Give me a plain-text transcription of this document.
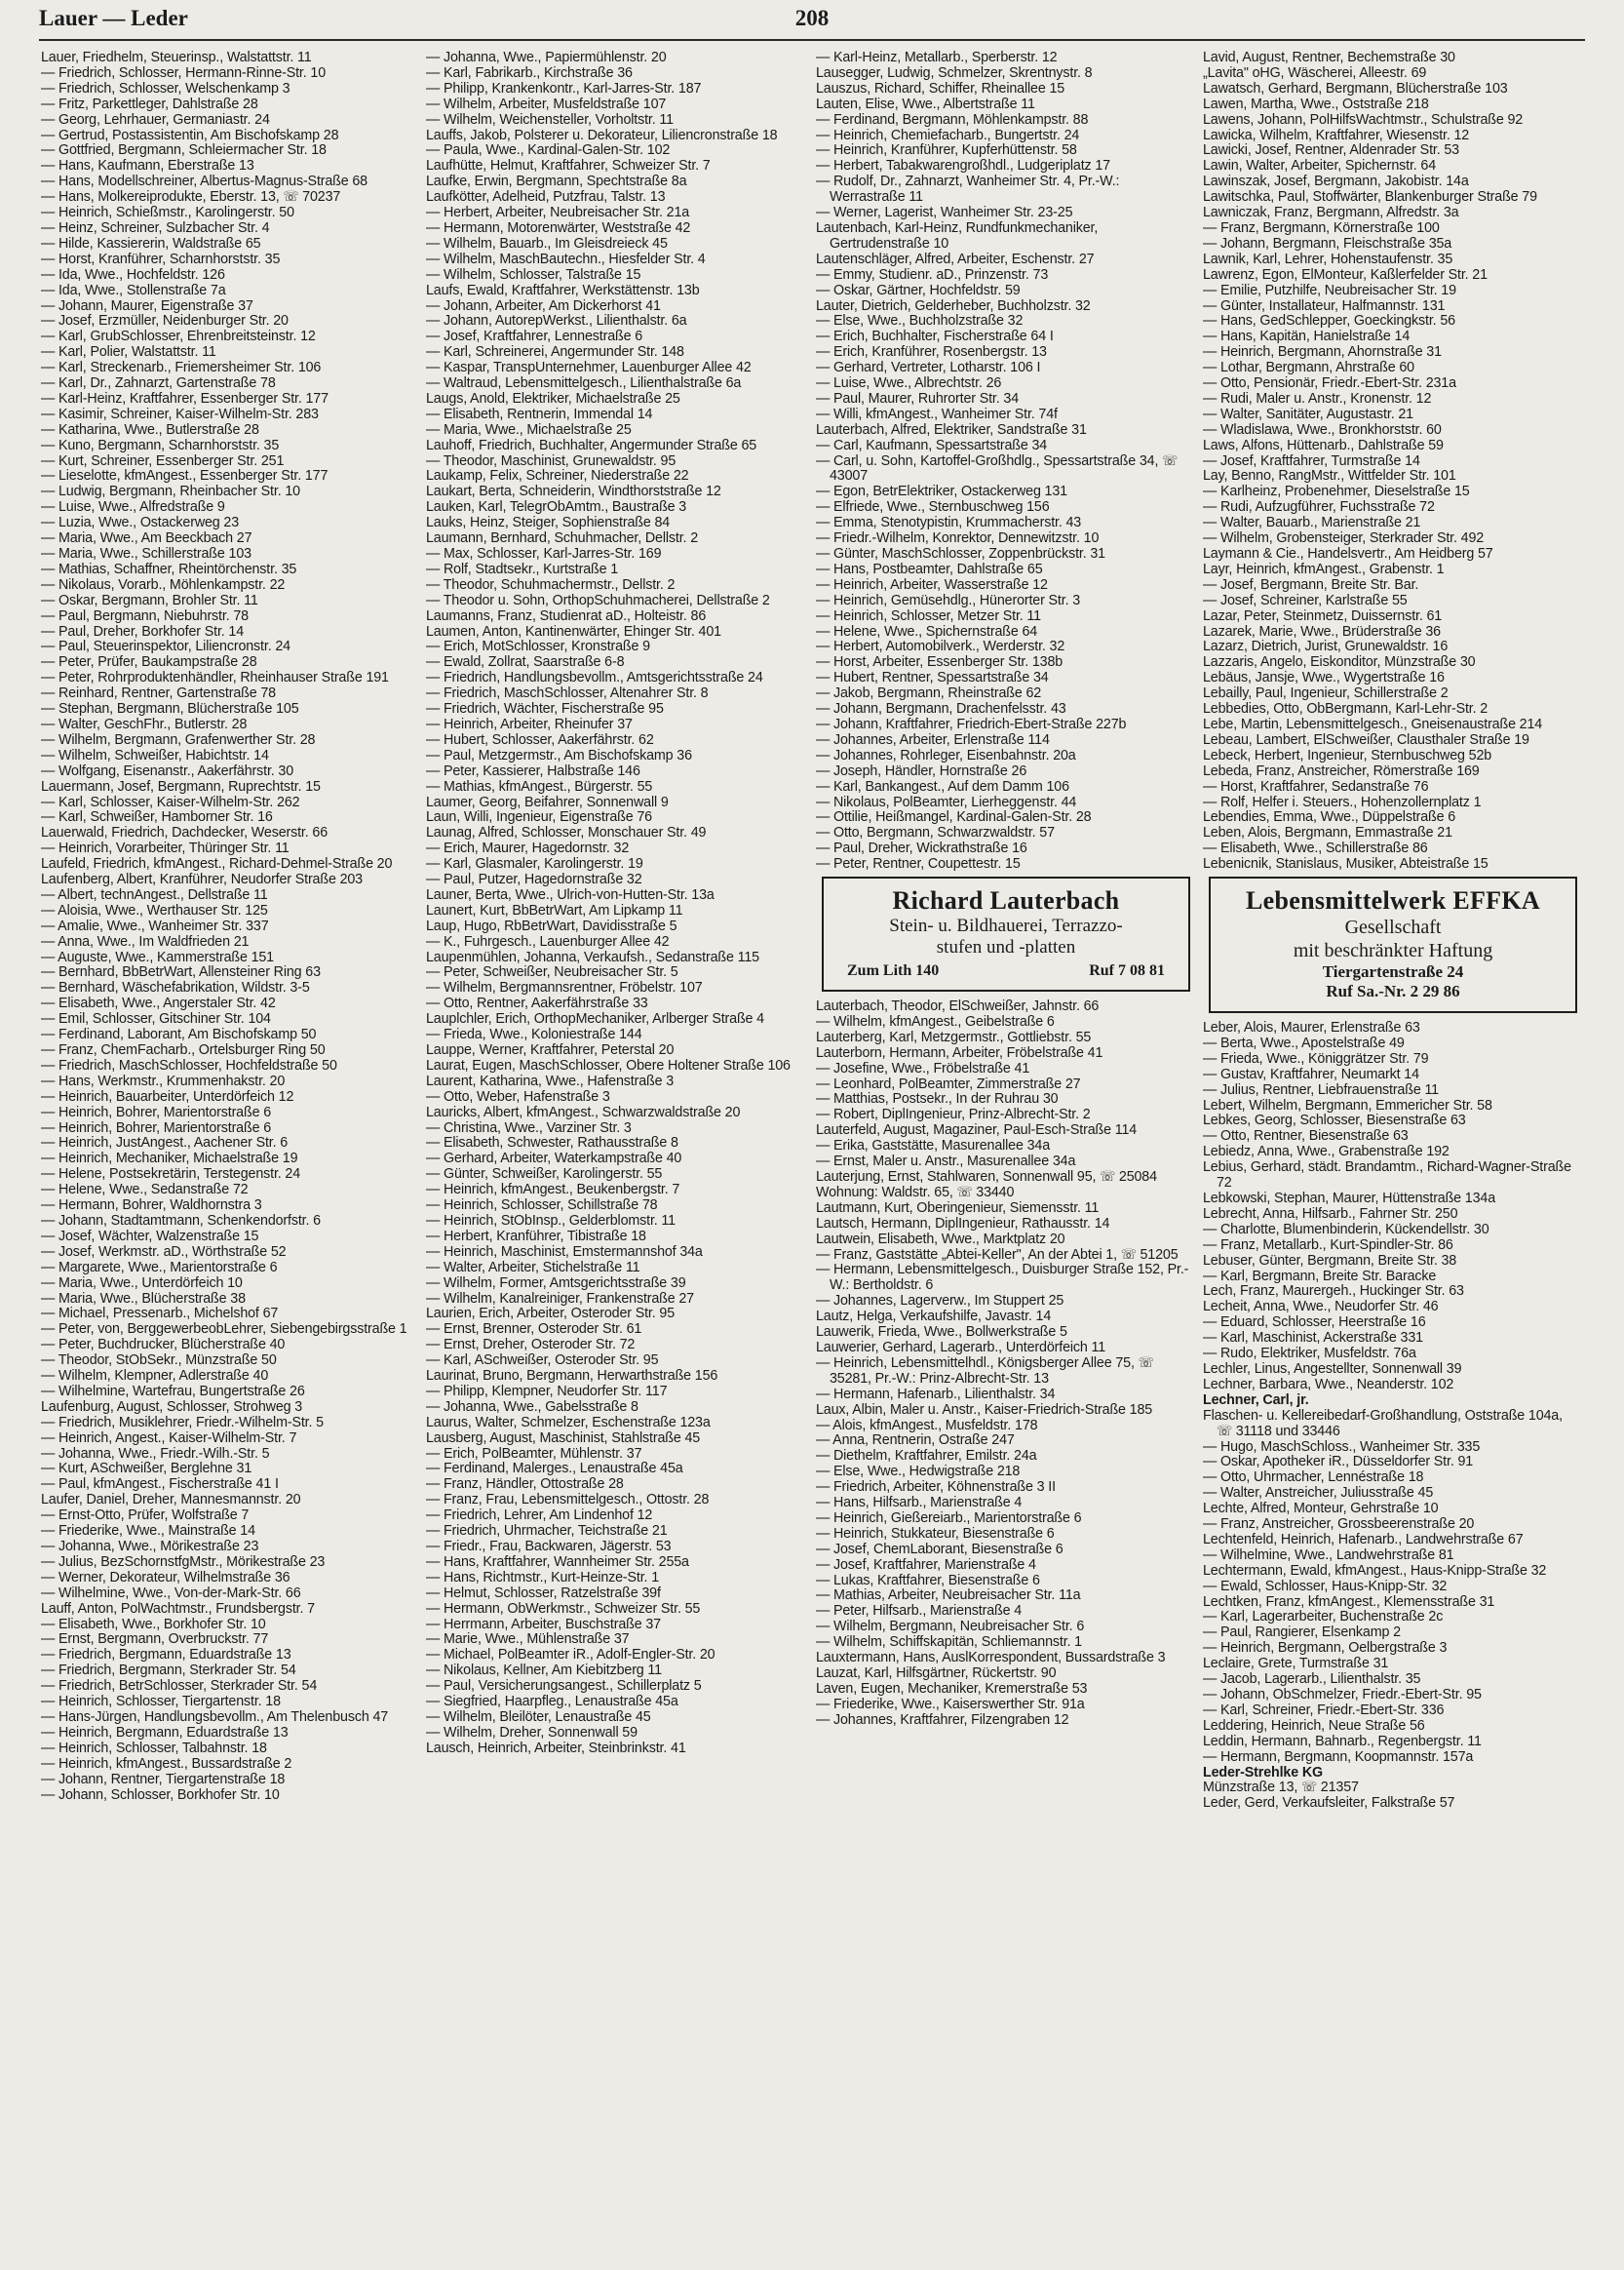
Lauer — Leder	208
Lauer, Friedhelm, Steuerinsp., Walstattstr. 11
— Friedrich, Schlosser, Hermann-Rinne-Str. 10
— Friedrich, Schlosser, Welschenkamp 3
— Fritz, Parkettleger, Dahlstraße 28
— Georg, Lehrhauer, Germaniastr. 24
— Gertrud, Postassistentin, Am Bischofskamp 28
— Gottfried, Bergmann, Schleiermacher Str. 18
— Hans, Kaufmann, Eberstraße 13
— Hans, Modellschreiner, Albertus-Magnus-Straße 68
— Hans, Molkereiprodukte, Eberstr. 13, ☏ 70237
— Heinrich, Schießmstr., Karolingerstr. 50
— Heinz, Schreiner, Sulzbacher Str. 4
— Hilde, Kassiererin, Waldstraße 65
— Horst, Kranführer, Scharnhorststr. 35
— Ida, Wwe., Hochfeldstr. 126
— Ida, Wwe., Stollenstraße 7a
— Johann, Maurer, Eigenstraße 37
— Josef, Erzmüller, Neidenburger Str. 20
— Karl, GrubSchlosser, Ehrenbreitsteinstr. 12
— Karl, Polier, Walstattstr. 11
— Karl, Streckenarb., Friemersheimer Str. 106
— Karl, Dr., Zahnarzt, Gartenstraße 78
— Karl-Heinz, Kraftfahrer, Essenberger Str. 177
— Kasimir, Schreiner, Kaiser-Wilhelm-Str. 283
— Katharina, Wwe., Butlerstraße 28
— Kuno, Bergmann, Scharnhorststr. 35
— Kurt, Schreiner, Essenberger Str. 251
— Lieselotte, kfmAngest., Essenberger Str. 177
— Ludwig, Bergmann, Rheinbacher Str. 10
— Luise, Wwe., Alfredstraße 9
— Luzia, Wwe., Ostackerweg 23
— Maria, Wwe., Am Beeckbach 27
— Maria, Wwe., Schillerstraße 103
— Mathias, Schaffner, Rheintörchenstr. 35
— Nikolaus, Vorarb., Möhlenkampstr. 22
— Oskar, Bergmann, Brohler Str. 11
— Paul, Bergmann, Niebuhrstr. 78
— Paul, Dreher, Borkhofer Str. 14
— Paul, Steuerinspektor, Liliencronstr. 24
— Peter, Prüfer, Baukampstraße 28
— Peter, Rohrproduktenhändler, Rheinhauser Straße 191
— Reinhard, Rentner, Gartenstraße 78
— Stephan, Bergmann, Blücherstraße 105
— Walter, GeschFhr., Butlerstr. 28
— Wilhelm, Bergmann, Grafenwerther Str. 28
— Wilhelm, Schweißer, Habichtstr. 14
— Wolfgang, Eisenanstr., Aakerfährstr. 30
Lauermann, Josef, Bergmann, Ruprechtstr. 15
— Karl, Schlosser, Kaiser-Wilhelm-Str. 262
— Karl, Schweißer, Hamborner Str. 16
Lauerwald, Friedrich, Dachdecker, Weserstr. 66
— Heinrich, Vorarbeiter, Thüringer Str. 11
Laufeld, Friedrich, kfmAngest., Richard-Dehmel-Straße 20
Laufenberg, Albert, Kranführer, Neudorfer Straße 203
— Albert, technAngest., Dellstraße 11
— Aloisia, Wwe., Werthauser Str. 125
— Amalie, Wwe., Wanheimer Str. 337
— Anna, Wwe., Im Waldfrieden 21
— Auguste, Wwe., Kammerstraße 151
— Bernhard, BbBetrWart, Allensteiner Ring 63
— Bernhard, Wäschefabrikation, Wildstr. 3-5
— Elisabeth, Wwe., Angerstaler Str. 42
— Emil, Schlosser, Gitschiner Str. 104
— Ferdinand, Laborant, Am Bischofskamp 50
— Franz, ChemFacharb., Ortelsburger Ring 50
— Friedrich, MaschSchlosser, Hochfeldstraße 50
— Hans, Werkmstr., Krummenhakstr. 20
— Heinrich, Bauarbeiter, Unterdörfeich 12
— Heinrich, Bohrer, Marientorstraße 6
— Heinrich, Bohrer, Marientorstraße 6
— Heinrich, JustAngest., Aachener Str. 6
— Heinrich, Mechaniker, Michaelstraße 19
— Helene, Postsekretärin, Terstegenstr. 24
— Helene, Wwe., Sedanstraße 72
— Hermann, Bohrer, Waldhornstra 3
— Johann, Stadtamtmann, Schenkendorfstr. 6
— Josef, Wächter, Walzenstraße 15
— Josef, Werkmstr. aD., Wörthstraße 52
— Margarete, Wwe., Marientorstraße 6
— Maria, Wwe., Unterdörfeich 10
— Maria, Wwe., Blücherstraße 38
— Michael, Pressenarb., Michelshof 67
— Peter, von, BerggewerbeobLehrer, Siebengebirgsstraße 1
— Peter, Buchdrucker, Blücherstraße 40
— Theodor, StObSekr., Münzstraße 50
— Wilhelm, Klempner, Adlerstraße 40
— Wilhelmine, Wartefrau, Bungertstraße 26
Laufenburg, August, Schlosser, Strohweg 3
— Friedrich, Musiklehrer, Friedr.-Wilhelm-Str. 5
— Heinrich, Angest., Kaiser-Wilhelm-Str. 7
— Johanna, Wwe., Friedr.-Wilh.-Str. 5
— Kurt, ASchweißer, Berglehne 31
— Paul, kfmAngest., Fischerstraße 41 I
Laufer, Daniel, Dreher, Mannesmannstr. 20
— Ernst-Otto, Prüfer, Wolfstraße 7
— Friederike, Wwe., Mainstraße 14
— Johanna, Wwe., Mörikestraße 23
— Julius, BezSchornstfgMstr., Mörikestraße 23
— Werner, Dekorateur, Wilhelmstraße 36
— Wilhelmine, Wwe., Von-der-Mark-Str. 66
Lauff, Anton, PolWachtmstr., Frundsbergstr. 7
— Elisabeth, Wwe., Borkhofer Str. 10
— Ernst, Bergmann, Overbruckstr. 77
— Friedrich, Bergmann, Eduardstraße 13
— Friedrich, Bergmann, Sterkrader Str. 54
— Friedrich, BetrSchlosser, Sterkrader Str. 54
— Heinrich, Schlosser, Tiergartenstr. 18
— Hans-Jürgen, Handlungsbevollm., Am Thelenbusch 47
— Heinrich, Bergmann, Eduardstraße 13
— Heinrich, Schlosser, Talbahnstr. 18
— Heinrich, kfmAngest., Bussardstraße 2
— Johann, Rentner, Tiergartenstraße 18
— Johann, Schlosser, Borkhofer Str. 10
— Johanna, Wwe., Papiermühlenstr. 20
— Karl, Fabrikarb., Kirchstraße 36
— Philipp, Krankenkontr., Karl-Jarres-Str. 187
— Wilhelm, Arbeiter, Musfeldstraße 107
— Wilhelm, Weichensteller, Vorholtstr. 11
Lauffs, Jakob, Polsterer u. Dekorateur, Liliencronstraße 18
— Paula, Wwe., Kardinal-Galen-Str. 102
Laufhütte, Helmut, Kraftfahrer, Schweizer Str. 7
Laufke, Erwin, Bergmann, Spechtstraße 8a
Laufkötter, Adelheid, Putzfrau, Talstr. 13
— Herbert, Arbeiter, Neubreisacher Str. 21a
— Hermann, Motorenwärter, Weststraße 42
— Wilhelm, Bauarb., Im Gleisdreieck 45
— Wilhelm, MaschBautechn., Hiesfelder Str. 4
— Wilhelm, Schlosser, Talstraße 15
Laufs, Ewald, Kraftfahrer, Werkstättenstr. 13b
— Johann, Arbeiter, Am Dickerhorst 41
— Johann, AutorepWerkst., Lilienthalstr. 6a
— Josef, Kraftfahrer, Lennestraße 6
— Karl, Schreinerei, Angermunder Str. 148
— Kaspar, TranspUnternehmer, Lauenburger Allee 42
— Waltraud, Lebensmittelgesch., Lilienthalstraße 6a
Laugs, Anold, Elektriker, Michaelstraße 25
— Elisabeth, Rentnerin, Immendal 14
— Maria, Wwe., Michaelstraße 25
Lauhoff, Friedrich, Buchhalter, Angermunder Straße 65
— Theodor, Maschinist, Grunewaldstr. 95
Laukamp, Felix, Schreiner, Niederstraße 22
Laukart, Berta, Schneiderin, Windthorststraße 12
Lauken, Karl, TelegrObAmtm., Baustraße 3
Lauks, Heinz, Steiger, Sophienstraße 84
Laumann, Bernhard, Schuhmacher, Dellstr. 2
— Max, Schlosser, Karl-Jarres-Str. 169
— Rolf, Stadtsekr., Kurtstraße 1
— Theodor, Schuhmachermstr., Dellstr. 2
— Theodor u. Sohn, OrthopSchuhmacherei, Dellstraße 2
Laumanns, Franz, Studienrat aD., Holteistr. 86
Laumen, Anton, Kantinenwärter, Ehinger Str. 401
— Erich, MotSchlosser, Kronstraße 9
— Ewald, Zollrat, Saarstraße 6-8
— Friedrich, Handlungsbevollm., Amtsgerichtsstraße 24
— Friedrich, MaschSchlosser, Altenahrer Str. 8
— Friedrich, Wächter, Fischerstraße 95
— Heinrich, Arbeiter, Rheinufer 37
— Hubert, Schlosser, Aakerfährstr. 62
— Paul, Metzgermstr., Am Bischofskamp 36
— Peter, Kassierer, Halbstraße 146
— Mathias, kfmAngest., Bürgerstr. 55
Laumer, Georg, Beifahrer, Sonnenwall 9
Laun, Willi, Ingenieur, Eigenstraße 76
Launag, Alfred, Schlosser, Monschauer Str. 49
— Erich, Maurer, Hagedornstr. 32
— Karl, Glasmaler, Karolingerstr. 19
— Paul, Putzer, Hagedornstraße 32
Launer, Berta, Wwe., Ulrich-von-Hutten-Str. 13a
Launert, Kurt, BbBetrWart, Am Lipkamp 11
Laup, Hugo, RbBetrWart, Davidisstraße 5
— K., Fuhrgesch., Lauenburger Allee 42
Laupenmühlen, Johanna, Verkaufsh., Sedanstraße 115
— Peter, Schweißer, Neubreisacher Str. 5
— Wilhelm, Bergmannsrentner, Fröbelstr. 107
— Otto, Rentner, Aakerfährstraße 33
Lauplchler, Erich, OrthopMechaniker, Arlberger Straße 4
— Frieda, Wwe., Koloniestraße 144
Lauppe, Werner, Kraftfahrer, Peterstal 20
Laurat, Eugen, MaschSchlosser, Obere Holtener Straße 106
Laurent, Katharina, Wwe., Hafenstraße 3
— Otto, Weber, Hafenstraße 3
Lauricks, Albert, kfmAngest., Schwarzwaldstraße 20
— Christina, Wwe., Varziner Str. 3
— Elisabeth, Schwester, Rathausstraße 8
— Gerhard, Arbeiter, Waterkampstraße 40
— Günter, Schweißer, Karolingerstr. 55
— Heinrich, kfmAngest., Beukenbergstr. 7
— Heinrich, Schlosser, Schillstraße 78
— Heinrich, StObInsp., Gelderblomstr. 11
— Herbert, Kranführer, Tibistraße 18
— Heinrich, Maschinist, Emstermannshof 34a
— Walter, Arbeiter, Stichelstraße 11
— Wilhelm, Former, Amtsgerichtsstraße 39
— Wilhelm, Kanalreiniger, Frankenstraße 27
Laurien, Erich, Arbeiter, Osteroder Str. 95
— Ernst, Brenner, Osteroder Str. 61
— Ernst, Dreher, Osteroder Str. 72
— Karl, ASchweißer, Osteroder Str. 95
Laurinat, Bruno, Bergmann, Herwarthstraße 156
— Philipp, Klempner, Neudorfer Str. 117
— Johanna, Wwe., Gabelsstraße 8
Laurus, Walter, Schmelzer, Eschenstraße 123a
Lausberg, August, Maschinist, Stahlstraße 45
— Erich, PolBeamter, Mühlenstr. 37
— Ferdinand, Malerges., Lenaustraße 45a
— Franz, Händler, Ottostraße 28
— Franz, Frau, Lebensmittelgesch., Ottostr. 28
— Friedrich, Lehrer, Am Lindenhof 12
— Friedrich, Uhrmacher, Teichstraße 21
— Friedr., Frau, Backwaren, Jägerstr. 53
— Hans, Kraftfahrer, Wannheimer Str. 255a
— Hans, Richtmstr., Kurt-Heinze-Str. 1
— Helmut, Schlosser, Ratzelstraße 39f
— Hermann, ObWerkmstr., Schweizer Str. 55
— Herrmann, Arbeiter, Buschstraße 37
— Marie, Wwe., Mühlenstraße 37
— Michael, PolBeamter iR., Adolf-Engler-Str. 20
— Nikolaus, Kellner, Am Kiebitzberg 11
— Paul, Versicherungsangest., Schillerplatz 5
— Siegfried, Haarpfleg., Lenaustraße 45a
— Wilhelm, Bleilöter, Lenaustraße 45
— Wilhelm, Dreher, Sonnenwall 59
Lausch, Heinrich, Arbeiter, Steinbrinkstr. 41
— Karl-Heinz, Metallarb., Sperberstr. 12
Lausegger, Ludwig, Schmelzer, Skrentnystr. 8
Lauszus, Richard, Schiffer, Rheinallee 15
Lauten, Elise, Wwe., Albertstraße 11
— Ferdinand, Bergmann, Möhlenkampstr. 88
— Heinrich, Chemiefacharb., Bungertstr. 24
— Heinrich, Kranführer, Kupferhüttenstr. 58
— Herbert, Tabakwarengroßhdl., Ludgeriplatz 17
— Rudolf, Dr., Zahnarzt, Wanheimer Str. 4, Pr.-W.: Werrastraße 11
— Werner, Lagerist, Wanheimer Str. 23-25
Lautenbach, Karl-Heinz, Rundfunkmechaniker, Gertrudenstraße 10
Lautenschläger, Alfred, Arbeiter, Eschenstr. 27
— Emmy, Studienr. aD., Prinzenstr. 73
— Oskar, Gärtner, Hochfeldstr. 59
Lauter, Dietrich, Gelderheber, Buchholzstr. 32
— Else, Wwe., Buchholzstraße 32
— Erich, Buchhalter, Fischerstraße 64 I
— Erich, Kranführer, Rosenbergstr. 13
— Gerhard, Vertreter, Lotharstr. 106 I
— Luise, Wwe., Albrechtstr. 26
— Paul, Maurer, Ruhrorter Str. 34
— Willi, kfmAngest., Wanheimer Str. 74f
Lauterbach, Alfred, Elektriker, Sandstraße 31
— Carl, Kaufmann, Spessartstraße 34
— Carl, u. Sohn, Kartoffel-Großhdlg., Spessartstraße 34, ☏ 43007
— Egon, BetrElektriker, Ostackerweg 131
— Elfriede, Wwe., Sternbuschweg 156
— Emma, Stenotypistin, Krummacherstr. 43
— Friedr.-Wilhelm, Konrektor, Dennewitzstr. 10
— Günter, MaschSchlosser, Zoppenbrückstr. 31
— Hans, Postbeamter, Dahlstraße 65
— Heinrich, Arbeiter, Wasserstraße 12
— Heinrich, Gemüsehdlg., Hünerorter Str. 3
— Heinrich, Schlosser, Metzer Str. 11
— Helene, Wwe., Spichernstraße 64
— Herbert, Automobilverk., Werderstr. 32
— Horst, Arbeiter, Essenberger Str. 138b
— Hubert, Rentner, Spessartstraße 34
— Jakob, Bergmann, Rheinstraße 62
— Johann, Bergmann, Drachenfelsstr. 43
— Johann, Kraftfahrer, Friedrich-Ebert-Straße 227b
— Johannes, Arbeiter, Erlenstraße 114
— Johannes, Rohrleger, Eisenbahnstr. 20a
— Joseph, Händler, Hornstraße 26
— Karl, Bankangest., Auf dem Damm 106
— Nikolaus, PolBeamter, Lierheggenstr. 44
— Ottilie, Heißmangel, Kardinal-Galen-Str. 28
— Otto, Bergmann, Schwarzwaldstr. 57
— Paul, Dreher, Wickrathstraße 16
— Peter, Rentner, Coupettestr. 15
Richard Lauterbach
Stein- u. Bildhauerei, Terrazzo-
stufen und -platten
Zum Lith 140	Ruf 7 08 81
Lauterbach, Theodor, ElSchweißer, Jahnstr. 66
— Wilhelm, kfmAngest., Geibelstraße 6
Lauterberg, Karl, Metzgermstr., Gottliebstr. 55
Lauterborn, Hermann, Arbeiter, Fröbelstraße 41
— Josefine, Wwe., Fröbelstraße 41
— Leonhard, PolBeamter, Zimmerstraße 27
— Matthias, Postsekr., In der Ruhrau 30
— Robert, DiplIngenieur, Prinz-Albrecht-Str. 2
Lauterfeld, August, Magaziner, Paul-Esch-Straße 114
— Erika, Gaststätte, Masurenallee 34a
— Ernst, Maler u. Anstr., Masurenallee 34a
Lauterjung, Ernst, Stahlwaren, Sonnenwall 95, ☏ 25084
Wohnung: Waldstr. 65, ☏ 33440
Lautmann, Kurt, Oberingenieur, Siemensstr. 11
Lautsch, Hermann, DiplIngenieur, Rathausstr. 14
Lautwein, Elisabeth, Wwe., Marktplatz 20
— Franz, Gaststätte „Abtei-Keller", An der Abtei 1, ☏ 51205
— Hermann, Lebensmittelgesch., Duisburger Straße 152, Pr.-W.: Bertholdstr. 6
— Johannes, Lagerverw., Im Stuppert 25
Lautz, Helga, Verkaufshilfe, Javastr. 14
Lauwerik, Frieda, Wwe., Bollwerkstraße 5
Lauwerier, Gerhard, Lagerarb., Unterdörfeich 11
— Heinrich, Lebensmittelhdl., Königsberger Allee 75, ☏ 35281, Pr.-W.: Prinz-Albrecht-Str. 13
— Hermann, Hafenarb., Lilienthalstr. 34
Laux, Albin, Maler u. Anstr., Kaiser-Friedrich-Straße 185
— Alois, kfmAngest., Musfeldstr. 178
— Anna, Rentnerin, Ostraße 247
— Diethelm, Kraftfahrer, Emilstr. 24a
— Else, Wwe., Hedwigstraße 218
— Friedrich, Arbeiter, Köhnenstraße 3 II
— Hans, Hilfsarb., Marienstraße 4
— Heinrich, Gießereiarb., Marientorstraße 6
— Heinrich, Stukkateur, Biesenstraße 6
— Josef, ChemLaborant, Biesenstraße 6
— Josef, Kraftfahrer, Marienstraße 4
— Lukas, Kraftfahrer, Biesenstraße 6
— Mathias, Arbeiter, Neubreisacher Str. 11a
— Peter, Hilfsarb., Marienstraße 4
— Wilhelm, Bergmann, Neubreisacher Str. 6
— Wilhelm, Schiffskapitän, Schliemannstr. 1
Lauxtermann, Hans, AuslKorrespondent, Bussardstraße 3
Lauzat, Karl, Hilfsgärtner, Rückertstr. 90
Laven, Eugen, Mechaniker, Kremerstraße 53
— Friederike, Wwe., Kaiserswerther Str. 91a
— Johannes, Kraftfahrer, Filzengraben 12
Lavid, August, Rentner, Bechemstraße 30
„Lavita" oHG, Wäscherei, Alleestr. 69
Lawatsch, Gerhard, Bergmann, Blücherstraße 103
Lawen, Martha, Wwe., Oststraße 218
Lawens, Johann, PolHilfsWachtmstr., Schulstraße 92
Lawicka, Wilhelm, Kraftfahrer, Wiesenstr. 12
Lawicki, Josef, Rentner, Aldenrader Str. 53
Lawin, Walter, Arbeiter, Spichernstr. 64
Lawinszak, Josef, Bergmann, Jakobistr. 14a
Lawitschka, Paul, Stoffwärter, Blankenburger Straße 79
Lawniczak, Franz, Bergmann, Alfredstr. 3a
— Franz, Bergmann, Körnerstraße 100
— Johann, Bergmann, Fleischstraße 35a
Lawnik, Karl, Lehrer, Hohenstaufenstr. 35
Lawrenz, Egon, ElMonteur, Kaßlerfelder Str. 21
— Emilie, Putzhilfe, Neubreisacher Str. 19
— Günter, Installateur, Halfmannstr. 131
— Hans, GedSchlepper, Goeckingkstr. 56
— Hans, Kapitän, Hanielstraße 14
— Heinrich, Bergmann, Ahornstraße 31
— Lothar, Bergmann, Ahrstraße 60
— Otto, Pensionär, Friedr.-Ebert-Str. 231a
— Rudi, Maler u. Anstr., Kronenstr. 12
— Walter, Sanitäter, Augustastr. 21
— Wladislawa, Wwe., Bronkhorststr. 60
Laws, Alfons, Hüttenarb., Dahlstraße 59
— Josef, Kraftfahrer, Turmstraße 14
Lay, Benno, RangMstr., Wittfelder Str. 101
— Karlheinz, Probenehmer, Dieselstraße 15
— Rudi, Aufzugführer, Fuchsstraße 72
— Walter, Bauarb., Marienstraße 21
— Wilhelm, Grobensteiger, Sterkrader Str. 492
Laymann & Cie., Handelsvertr., Am Heidberg 57
Layr, Heinrich, kfmAngest., Grabenstr. 1
— Josef, Bergmann, Breite Str. Bar.
— Josef, Schreiner, Karlstraße 55
Lazar, Peter, Steinmetz, Duissernstr. 61
Lazarek, Marie, Wwe., Brüderstraße 36
Lazarz, Dietrich, Jurist, Grunewaldstr. 16
Lazzaris, Angelo, Eiskonditor, Münzstraße 30
Lebäus, Jansje, Wwe., Wygertstraße 16
Lebailly, Paul, Ingenieur, Schillerstraße 2
Lebbedies, Otto, ObBergmann, Karl-Lehr-Str. 2
Lebe, Martin, Lebensmittelgesch., Gneisenaustraße 214
Lebeau, Lambert, ElSchweißer, Clausthaler Straße 19
Lebeck, Herbert, Ingenieur, Sternbuschweg 52b
Lebeda, Franz, Anstreicher, Römerstraße 169
— Horst, Kraftfahrer, Sedanstraße 76
— Rolf, Helfer i. Steuers., Hohenzollernplatz 1
Lebendies, Emma, Wwe., Düppelstraße 6
Leben, Alois, Bergmann, Emmastraße 21
— Elisabeth, Wwe., Schillerstraße 86
Lebenicnik, Stanislaus, Musiker, Abteistraße 15
Lebensmittelwerk EFFKA
Gesellschaft
mit beschränkter Haftung
Tiergartenstraße 24
Ruf Sa.-Nr. 2 29 86
Leber, Alois, Maurer, Erlenstraße 63
— Berta, Wwe., Apostelstraße 49
— Frieda, Wwe., Königgrätzer Str. 79
— Gustav, Kraftfahrer, Neumarkt 14
— Julius, Rentner, Liebfrauenstraße 11
Lebert, Wilhelm, Bergmann, Emmericher Str. 58
Lebkes, Georg, Schlosser, Biesenstraße 63
— Otto, Rentner, Biesenstraße 63
Lebiedz, Anna, Wwe., Grabenstraße 192
Lebius, Gerhard, städt. Brandamtm., Richard-Wagner-Straße 72
Lebkowski, Stephan, Maurer, Hüttenstraße 134a
Lebrecht, Anna, Hilfsarb., Fahrner Str. 250
— Charlotte, Blumenbinderin, Kückendellstr. 30
— Franz, Metallarb., Kurt-Spindler-Str. 86
Lebuser, Günter, Bergmann, Breite Str. 38
— Karl, Bergmann, Breite Str. Baracke
Lech, Franz, Maurergeh., Huckinger Str. 63
Lecheit, Anna, Wwe., Neudorfer Str. 46
— Eduard, Schlosser, Heerstraße 16
— Karl, Maschinist, Ackerstraße 331
— Rudo, Elektriker, Musfeldstr. 76a
Lechler, Linus, Angestellter, Sonnenwall 39
Lechner, Barbara, Wwe., Neanderstr. 102
Lechner, Carl, jr.
Flaschen- u. Kellereibedarf-Großhandlung, Oststraße 104a, ☏ 31118 und 33446
— Hugo, MaschSchloss., Wanheimer Str. 335
— Oskar, Apotheker iR., Düsseldorfer Str. 91
— Otto, Uhrmacher, Lennéstraße 18
— Walter, Anstreicher, Juliusstraße 45
Lechte, Alfred, Monteur, Gehrstraße 10
— Franz, Anstreicher, Grossbeerenstraße 20
Lechtenfeld, Heinrich, Hafenarb., Landwehrstraße 67
— Wilhelmine, Wwe., Landwehrstraße 81
Lechtermann, Ewald, kfmAngest., Haus-Knipp-Straße 32
— Ewald, Schlosser, Haus-Knipp-Str. 32
Lechtken, Franz, kfmAngest., Klemensstraße 31
— Karl, Lagerarbeiter, Buchenstraße 2c
— Paul, Rangierer, Elsenkamp 2
— Heinrich, Bergmann, Oelbergstraße 3
Leclaire, Grete, Turmstraße 31
— Jacob, Lagerarb., Lilienthalstr. 35
— Johann, ObSchmelzer, Friedr.-Ebert-Str. 95
— Karl, Schreiner, Friedr.-Ebert-Str. 336
Leddering, Heinrich, Neue Straße 56
Leddin, Hermann, Bahnarb., Regenbergstr. 11
— Hermann, Bergmann, Koopmannstr. 157a
Leder-Strehlke KG
Münzstraße 13, ☏ 21357
Leder, Gerd, Verkaufsleiter, Falkstraße 57
